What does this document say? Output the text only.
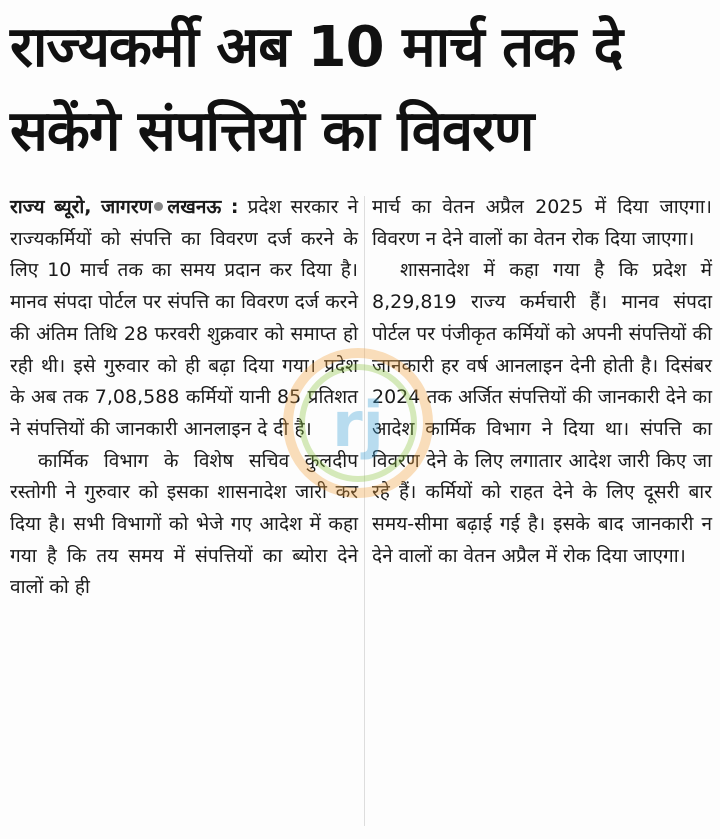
राज्यकर्मी अब 10 मार्च तक दे
सकेंगे संपत्तियों का विवरण

राज्य ब्यूरो, जागरण लखनऊ : प्रदेश सरकार ने राज्यकर्मियों को संपत्ति का विवरण दर्ज करने के लिए 10 मार्च तक का समय प्रदान कर दिया है। मानव संपदा पोर्टल पर संपत्ति का विवरण दर्ज करने की अंतिम तिथि 28 फरवरी शुक्रवार को समाप्त हो रही थी। इसे गुरुवार को ही बढ़ा दिया गया। प्रदेश के अब तक 7,08,588 कर्मियों यानी 85 प्रतिशत ने संपत्तियों की जानकारी आनलाइन दे दी है।

कार्मिक विभाग के विशेष सचिव कुलदीप रस्तोगी ने गुरुवार को इसका शासनादेश जारी कर दिया है। सभी विभागों को भेजे गए आदेश में कहा गया है कि तय समय में संपत्तियों का ब्योरा देने वालों को ही

मार्च का वेतन अप्रैल 2025 में दिया जाएगा। विवरण न देने वालों का वेतन रोक दिया जाएगा।

शासनादेश में कहा गया है कि प्रदेश में 8,29,819 राज्य कर्मचारी हैं। मानव संपदा पोर्टल पर पंजीकृत कर्मियों को अपनी संपत्तियों की जानकारी हर वर्ष आनलाइन देनी होती है। दिसंबर 2024 तक अर्जित संपत्तियों की जानकारी देने का आदेश कार्मिक विभाग ने दिया था। संपत्ति का विवरण देने के लिए लगातार आदेश जारी किए जा रहे हैं। कर्मियों को राहत देने के लिए दूसरी बार समय-सीमा बढ़ाई गई है। इसके बाद जानकारी न देने वालों का वेतन अप्रैल में रोक दिया जाएगा।

rj
